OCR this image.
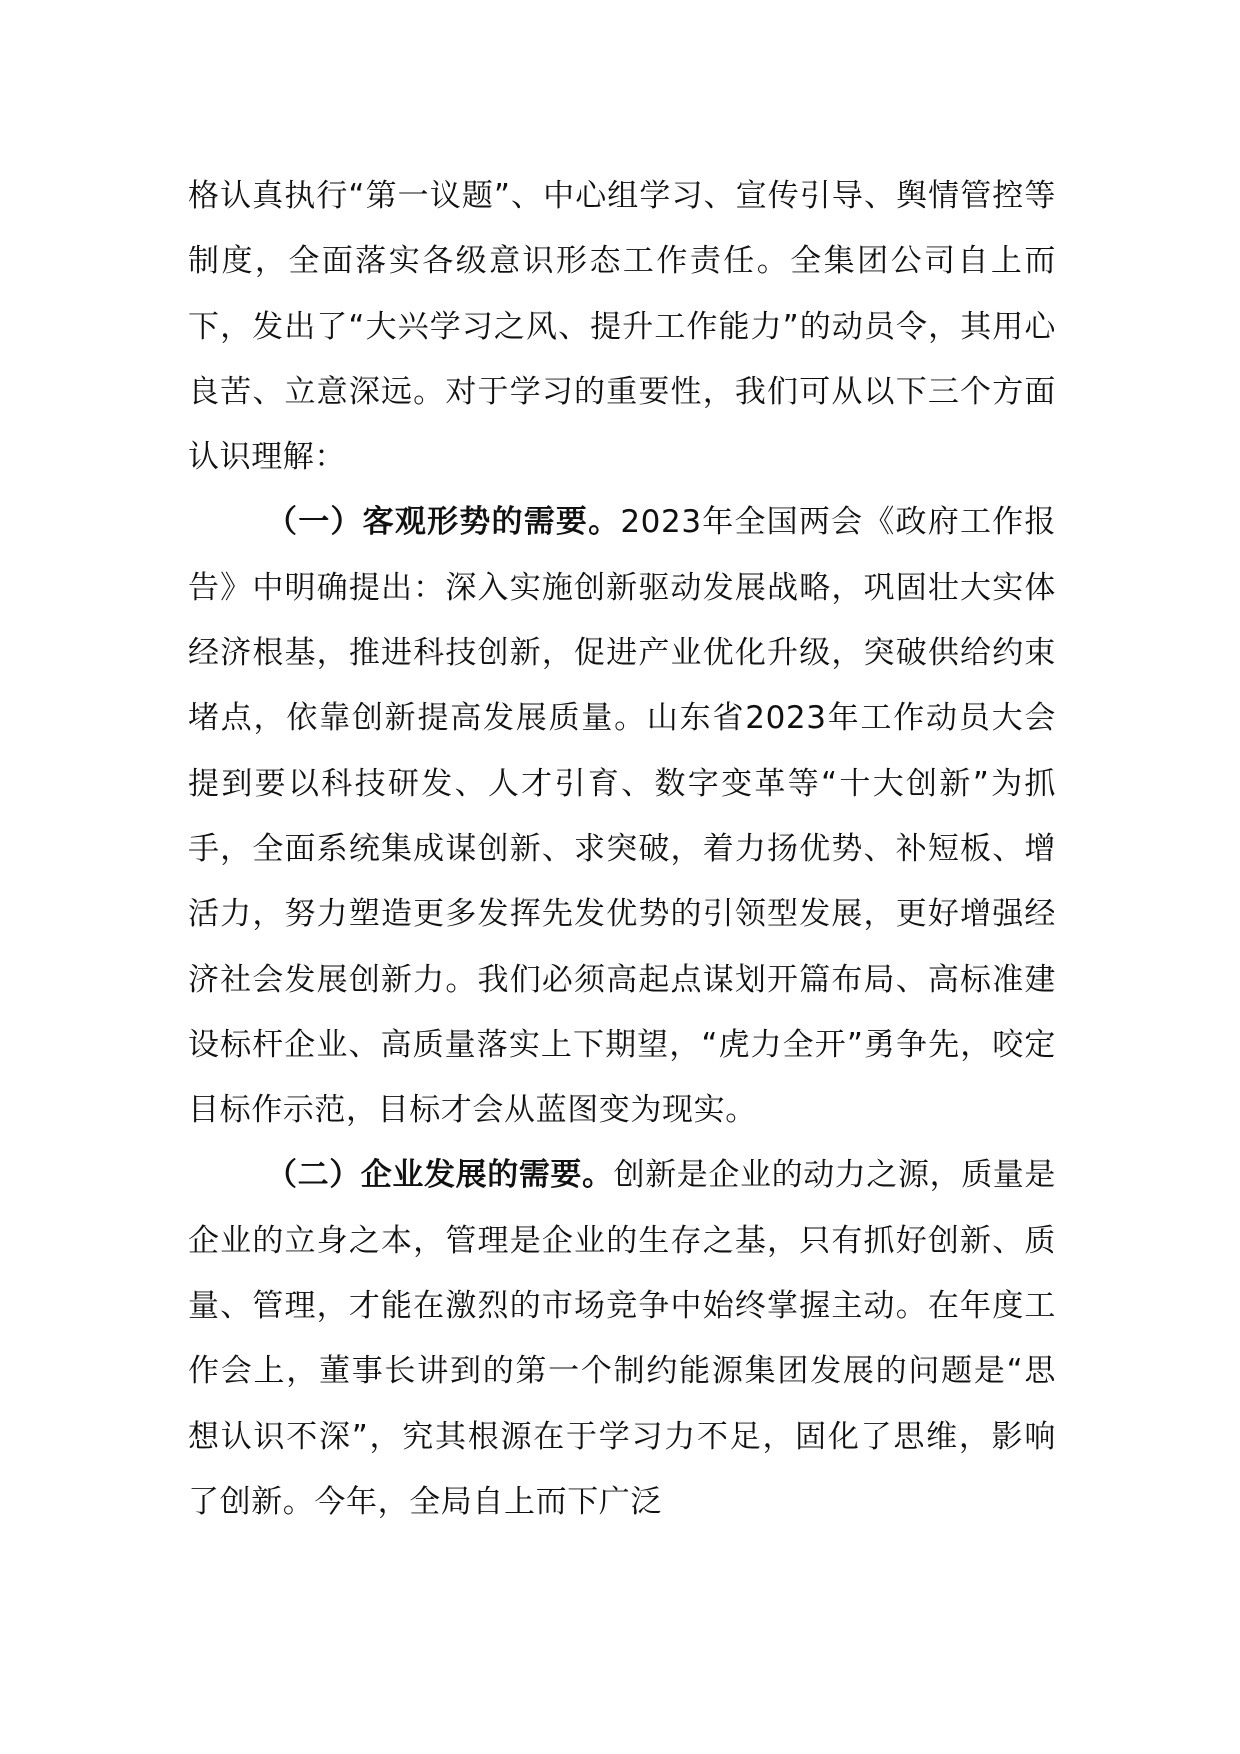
格认真执行“第一议题”、中心组学习、宣传引导、舆情管控等制度，全面落实各级意识形态工作责任。全集团公司自上而下，发出了“大兴学习之风、提升工作能力”的动员令，其用心良苦、立意深远。对于学习的重要性，我们可从以下三个方面认识理解：

（一）客观形势的需要。2023年全国两会《政府工作报告》中明确提出：深入实施创新驱动发展战略，巩固壮大实体经济根基，推进科技创新，促进产业优化升级，突破供给约束堵点，依靠创新提高发展质量。山东省2023年工作动员大会提到要以科技研发、人才引育、数字变革等“十大创新”为抓手，全面系统集成谋创新、求突破，着力扬优势、补短板、增活力，努力塑造更多发挥先发优势的引领型发展，更好增强经济社会发展创新力。我们必须高起点谋划开篇布局、高标准建设标杆企业、高质量落实上下期望，“虎力全开”勇争先，咬定目标作示范，目标才会从蓝图变为现实。

（二）企业发展的需要。创新是企业的动力之源，质量是企业的立身之本，管理是企业的生存之基，只有抓好创新、质量、管理，才能在激烈的市场竞争中始终掌握主动。在年度工作会上，董事长讲到的第一个制约能源集团发展的问题是“思想认识不深”，究其根源在于学习力不足，固化了思维，影响了创新。今年，全局自上而下广泛
